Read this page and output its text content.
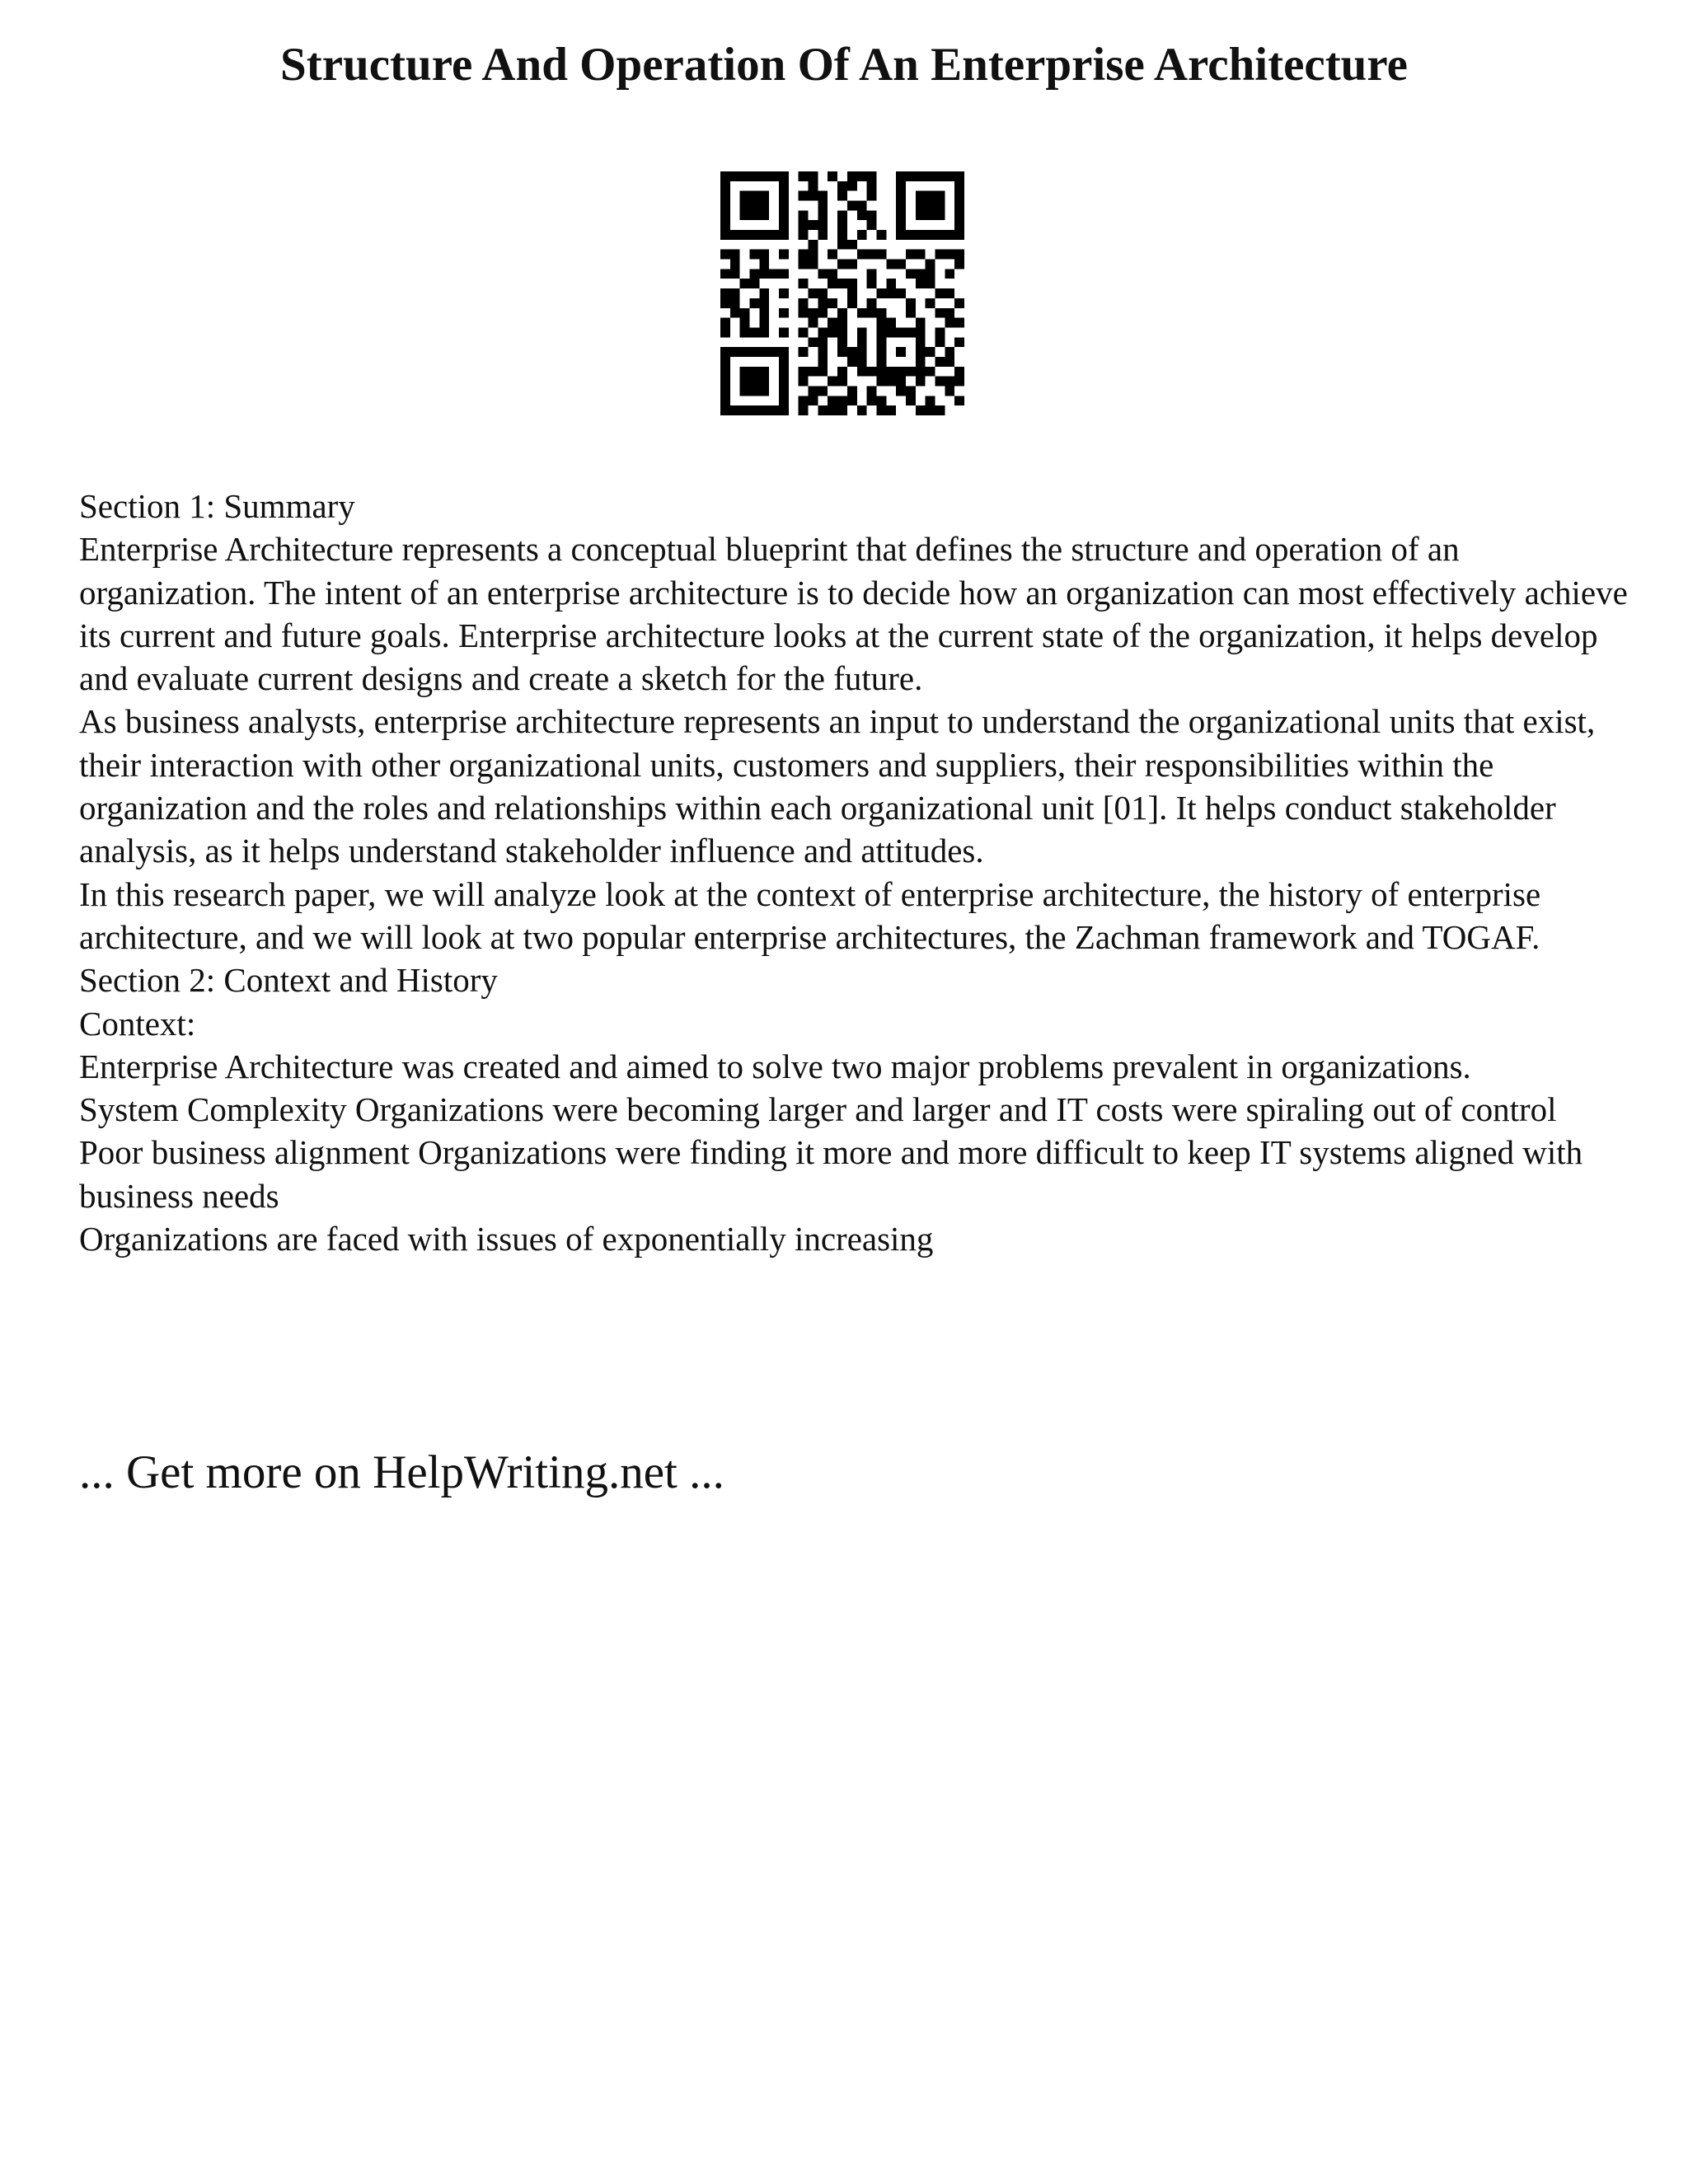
Structure And Operation Of An Enterprise Architecture

Section 1: Summary

Enterprise Architecture represents a conceptual blueprint that defines the structure and operation of an organization. The intent of an enterprise architecture is to decide how an organization can most effectively achieve its current and future goals. Enterprise architecture looks at the current state of the organization, it helps develop and evaluate current designs and create a sketch for the future.

As business analysts, enterprise architecture represents an input to understand the organizational units that exist, their interaction with other organizational units, customers and suppliers, their responsibilities within the organization and the roles and relationships within each organizational unit [01]. It helps conduct stakeholder analysis, as it helps understand stakeholder influence and attitudes.

In this research paper, we will analyze look at the context of enterprise architecture, the history of enterprise architecture, and we will look at two popular enterprise architectures, the Zachman framework and TOGAF.

Section 2: Context and History

Context:

Enterprise Architecture was created and aimed to solve two major problems prevalent in organizations.

System Complexity Organizations were becoming larger and larger and IT costs were spiraling out of control

Poor business alignment Organizations were finding it more and more difficult to keep IT systems aligned with business needs

Organizations are faced with issues of exponentially increasing

... Get more on HelpWriting.net ...
